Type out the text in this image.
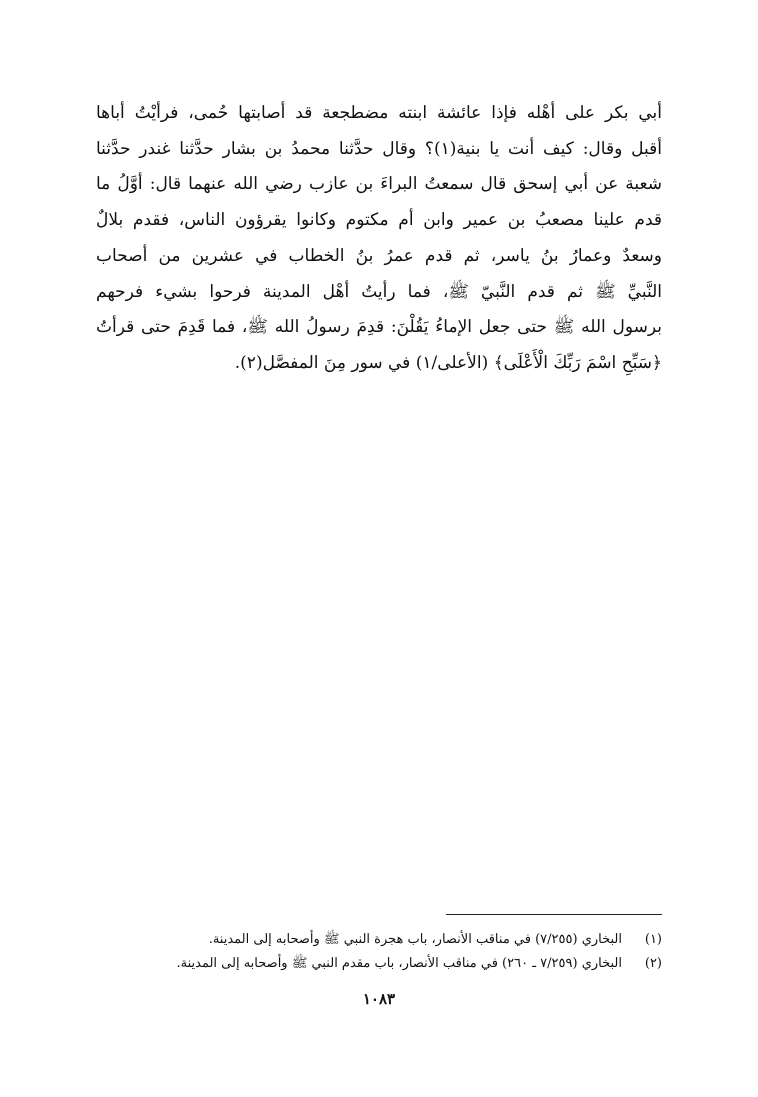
أبي بكر على أهْله فإذا عائشة ابنته مضطجعة قد أصابتها حُمى، فرأيْتُ أباها
أقبل وقال: كيف أنت يا بنية(١)؟ وقال حدَّثنا محمدُ بن بشار حدَّثنا غندر حدَّثنا
شعبة عن أبي إسحق قال سمعتُ البراءَ بن عازب رضي الله عنهما قال: أوَّلُ ما
قدم علينا مصعبُ بن عمير وابن أم مكتوم وكانوا يقرؤون الناس، فقدم بلالٌ
وسعدٌ وعمارُ بنُ ياسر، ثم قدم عمرُ بنُ الخطاب في عشرين من أصحاب
النَّبيِّ ﷺ ثم قدم النَّبيّ ﷺ، فما رأيتُ أهْل المدينة فرحوا بشيء فرحهم
برسول الله ﷺ حتى جعل الإماءُ يَقُلْنَ: قدِمَ رسولُ الله ﷺ، فما قَدِمَ حتى قرأتُ
﴿سَبِّحِ اسْمَ رَبِّكَ الْأَعْلَى﴾ (الأعلى/١) في سور مِنَ المفصَّل(٢).
(١)
البخاري (٧/٢٥٥) في مناقب الأنصار، باب هجرة النبي ﷺ وأصحابه إلى المدينة.
(٢)
البخاري (٧/٢٥٩ ـ ٢٦٠) في مناقب الأنصار، باب مقدم النبي ﷺ وأصحابه إلى المدينة.
١٠٨٣
